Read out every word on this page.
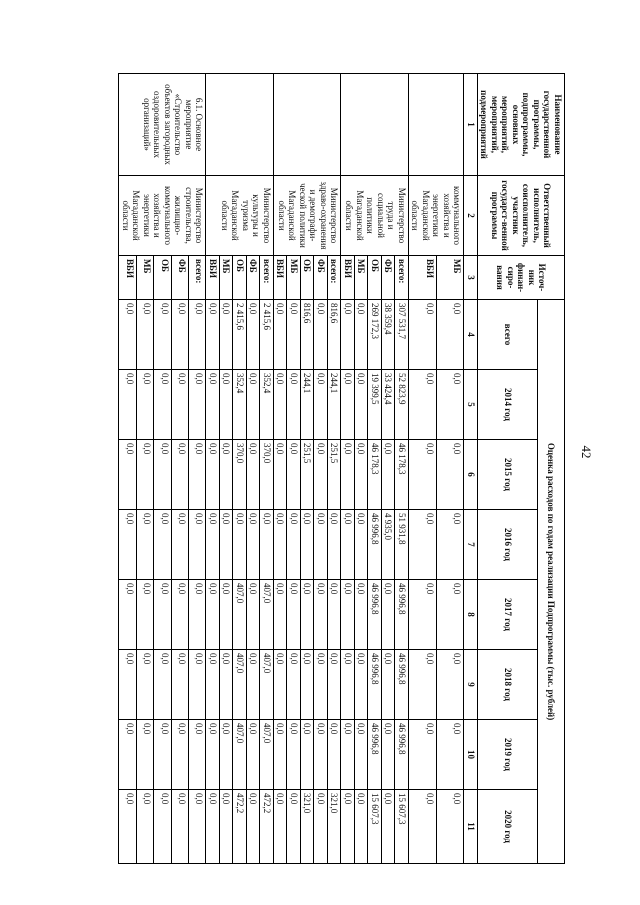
42
Наименование государственной программы, подпрограммы, основных мероприятий, мероприятий, подмероприятий	Ответственный исполнитель, соисполнитель, участник государст-венной программы	Источ-ник финан-сиро-вания	Оценка расходов по годам реализации Подпрограммы (тыс. рублей)							
			всего	2014 год	2015 год	2016 год	2017 год	2018 год	2019 год	2020 год
1	2	3	4	5	6	7	8	9	10	11
	коммунального хозяйства и энергетики Магаданской области	МБ	0,0	0,0	0,0	0,0	0,0	0,0	0,0	0,0
		ВБИ	0,0	0,0	0,0	0,0	0,0	0,0	0,0	0,0
	Министерство труда и социальной политики Магаданской области	всего:	307 531,7	52 823,9	46 178,3	51 931,8	46 996,8	46 996,8	46 996,8	15 607,3
		ФБ	38 359,4	33 424,4	0,0	4 935,0	0,0	0,0	0,0	0,0
		ОБ	269 172,3	19 399,5	46 178,3	46 996,8	46 996,8	46 996,8	46 996,8	15 607,3
		МБ	0,0	0,0	0,0	0,0	0,0	0,0	0,0	0,0
		ВБИ	0,0	0,0	0,0	0,0	0,0	0,0	0,0	0,0
	Министерство здраво-охранения и демографи-ческой политики Магаданской области	всего:	816,6	244,1	251,5	0,0	0,0	0,0	0,0	321,0
		ФБ	0,0	0,0	0,0	0,0	0,0	0,0	0,0	0,0
		ОБ	816,6	244,1	251,5	0,0	0,0	0,0	0,0	321,0
		МБ	0,0	0,0	0,0	0,0	0,0	0,0	0,0	0,0
		ВБИ	0,0	0,0	0,0	0,0	0,0	0,0	0,0	0,0
	Министерство культуры и туризма Магаданской области	всего:	2 415,6	352,4	370,0	0,0	407,0	407,0	407,0	472,2
		ФБ	0,0	0,0	0,0	0,0	0,0	0,0	0,0	0,0
		ОБ	2 415,6	352,4	370,0	0,0	407,0	407,0	407,0	472,2
		МБ	0,0	0,0	0,0	0,0	0,0	0,0	0,0	0,0
		ВБИ	0,0	0,0	0,0	0,0	0,0	0,0	0,0	0,0
6.1. Основное мероприятие «Строительство объектов загородных оздоровительных организаций»	Министерство строительства, жилищно-коммунального хозяйства и энергетики Магаданской области	всего:	0,0	0,0	0,0	0,0	0,0	0,0	0,0	0,0
		ФБ	0,0	0,0	0,0	0,0	0,0	0,0	0,0	0,0
		ОБ	0,0	0,0	0,0	0,0	0,0	0,0	0,0	0,0
		МБ	0,0	0,0	0,0	0,0	0,0	0,0	0,0	0,0
		ВБИ	0,0	0,0	0,0	0,0	0,0	0,0	0,0	0,0
